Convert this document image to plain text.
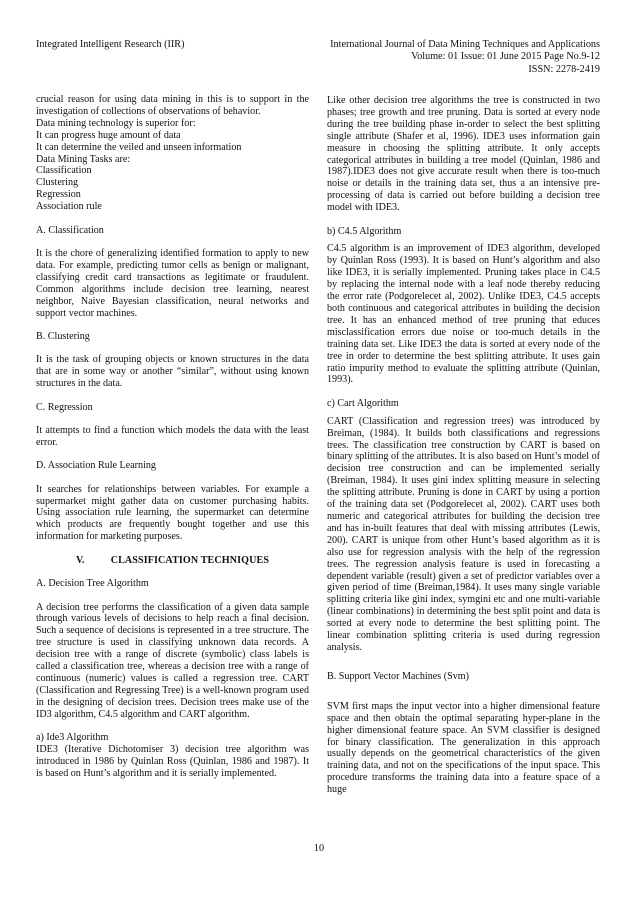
Integrated Intelligent Research (IIR)	International Journal of Data Mining Techniques and Applications
Volume: 01 Issue: 01 June 2015 Page No.9-12
ISSN: 2278-2419

crucial reason for using data mining in this is to support in the investigation of collections of observations of behavior.

Data mining technology is superior for:
It can progress huge amount of data
It can determine the veiled and unseen information
Data Mining Tasks are:
Classification
Clustering
Regression
Association rule
A. Classification

It is the chore of generalizing identified formation to apply to new data. For example, predicting tumor cells as benign or malignant, classifying credit card transactions as legitimate or fraudulent. Common algorithms include decision tree learning, nearest neighbor, Naive Bayesian classification, neural networks and support vector machines.

B. Clustering

It is the task of grouping objects or known structures in the data that are in some way or another “similar”, without using known structures in the data.

C. Regression

It attempts to find a function which models the data with the least error.

D. Association Rule Learning

It searches for relationships between variables. For example a supermarket might gather data on customer purchasing habits. Using association rule learning, the supermarket can determine which products are frequently bought together and use this information for marketing purposes.

V.	CLASSIFICATION TECHNIQUES
A. Decision Tree Algorithm

A decision tree performs the classification of a given data sample through various levels of decisions to help reach a final decision. Such a sequence of decisions is represented in a tree structure. The tree structure is used in classifying unknown data records. A decision tree with a range of discrete (symbolic) class labels is called a classification tree, whereas a decision tree with a range of continuous (numeric) values is called a regression tree. CART (Classification and Regressing Tree) is a well-known program used in the designing of decision trees. Decision trees make use of the ID3 algorithm, C4.5 algorithm and CART algorithm.

a) Ide3 Algorithm

IDE3 (Iterative Dichotomiser 3) decision tree algorithm was introduced in 1986 by Quinlan Ross (Quinlan, 1986 and 1987). It is based on Hunt’s algorithm and it is serially implemented.

Like other decision tree algorithms the tree is constructed in two phases; tree growth and tree pruning. Data is sorted at every node during the tree building phase in-order to select the best splitting single attribute (Shafer et al, 1996). IDE3 uses information gain measure in choosing the splitting attribute. It only accepts categorical attributes in building a tree model (Quinlan, 1986 and 1987).IDE3 does not give accurate result when there is too-much noise or details in the training data set, thus a an intensive pre-processing of data is carried out before building a decision tree model with IDE3.

b) C4.5 Algorithm

C4.5 algorithm is an improvement of IDE3 algorithm, developed by Quinlan Ross (1993). It is based on Hunt’s algorithm and also like IDE3, it is serially implemented. Pruning takes place in C4.5 by replacing the internal node with a leaf node thereby reducing the error rate (Podgorelecet al, 2002). Unlike IDE3, C4.5 accepts both continuous and categorical attributes in building the decision tree. It has an enhanced method of tree pruning that educes misclassification errors due noise or too-much details in the training data set. Like IDE3 the data is sorted at every node of the tree in order to determine the best splitting attribute. It uses gain ratio impurity method to evaluate the splitting attribute (Quinlan, 1993).

c) Cart Algorithm

CART (Classification and regression trees) was introduced by Breiman, (1984). It builds both classifications and regressions trees. The classification tree construction by CART is based on binary splitting of the attributes. It is also based on Hunt’s model of decision tree construction and can be implemented serially (Breiman, 1984). It uses gini index splitting measure in selecting the splitting attribute. Pruning is done in CART by using a portion of the training data set (Podgorelecet al, 2002). CART uses both numeric and categorical attributes for building the decision tree and has in-built features that deal with missing attributes (Lewis, 200). CART is unique from other Hunt’s based algorithm as it is also use for regression analysis with the help of the regression trees. The regression analysis feature is used in forecasting a dependent variable (result) given a set of predictor variables over a given period of time (Breiman,1984). It uses many single variable splitting criteria like gini index, symgini etc and one multi-variable (linear combinations) in determining the best split point and data is sorted at every node to determine the best splitting point. The linear combination splitting criteria is used during regression analysis.

B. Support Vector Machines (Svm)

SVM first maps the input vector into a higher dimensional feature space and then obtain the optimal separating hyper-plane in the higher dimensional feature space. An SVM classifier is designed for binary classification. The generalization in this approach usually depends on the geometrical characteristics of the given training data, and not on the specifications of the input space. This procedure transforms the training data into a feature space of a huge

10
